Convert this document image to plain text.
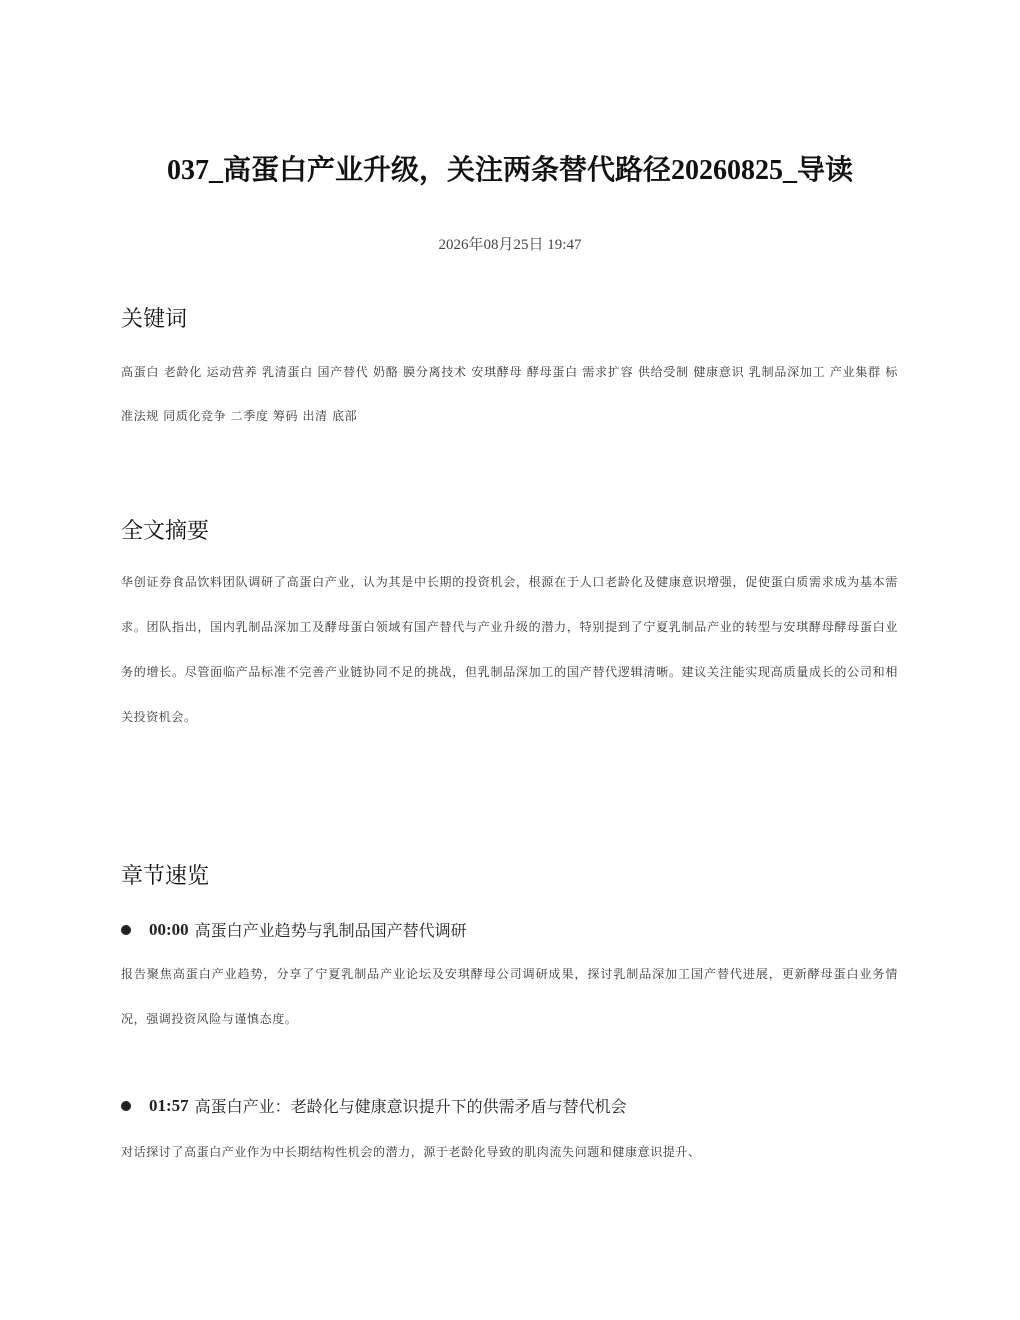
037_高蛋白产业升级，关注两条替代路径20260825_导读
2026年08月25日 19:47
关键词
高蛋白 老龄化 运动营养 乳清蛋白 国产替代 奶酪 膜分离技术 安琪酵母 酵母蛋白 需求扩容 供给受制 健康意识 乳制品深加工 产业集群 标准法规 同质化竞争 二季度 筹码 出清 底部
全文摘要
华创证券食品饮料团队调研了高蛋白产业，认为其是中长期的投资机会，根源在于人口老龄化及健康意识增强，促使蛋白质需求成为基本需求。团队指出，国内乳制品深加工及酵母蛋白领域有国产替代与产业升级的潜力，特别提到了宁夏乳制品产业的转型与安琪酵母酵母蛋白业务的增长。尽管面临产品标准不完善产业链协同不足的挑战，但乳制品深加工的国产替代逻辑清晰。建议关注能实现高质量成长的公司和相关投资机会。
章节速览
00:00 高蛋白产业趋势与乳制品国产替代调研
报告聚焦高蛋白产业趋势，分享了宁夏乳制品产业论坛及安琪酵母公司调研成果，探讨乳制品深加工国产替代进展，更新酵母蛋白业务情况，强调投资风险与谨慎态度。
01:57 高蛋白产业：老龄化与健康意识提升下的供需矛盾与替代机会
对话探讨了高蛋白产业作为中长期结构性机会的潜力，源于老龄化导致的肌肉流失问题和健康意识提升、
